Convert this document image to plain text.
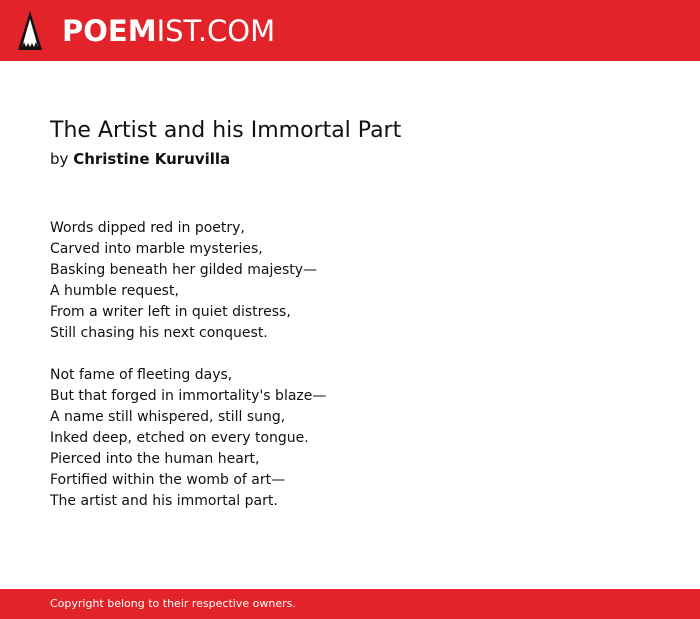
POEMIST.COM
The Artist and his Immortal Part
by Christine Kuruvilla
Words dipped red in poetry,
Carved into marble mysteries,
Basking beneath her gilded majesty—
A humble request,
From a writer left in quiet distress,
Still chasing his next conquest.
Not fame of fleeting days,
But that forged in immortality's blaze—
A name still whispered, still sung,
Inked deep, etched on every tongue.
Pierced into the human heart,
Fortified within the womb of art—
The artist and his immortal part.
Copyright belong to their respective owners.
